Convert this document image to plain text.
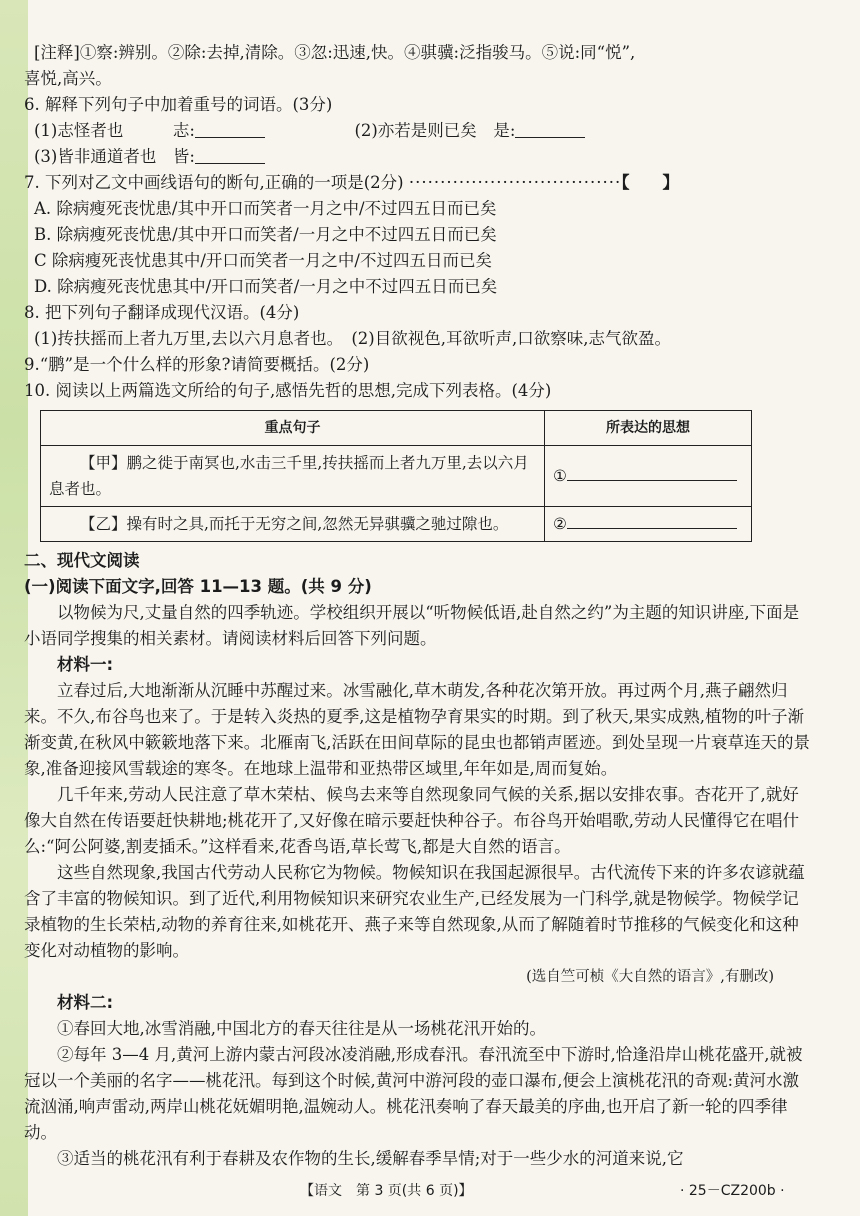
[注释]①察:辨别。②除:去掉,清除。③忽:迅速,快。④骐骥:泛指骏马。⑤说:同“悦”,

喜悦,高兴。

6. 解释下列句子中加着重号的词语。(3分)

(1)志怪者也　　　	志:

　　　	(2)亦若是则已矣　 是:

(3)皆非通道者也　 皆:

7. 下列对乙文中画线语句的断句,正确的一项是(2分) ··································【　　】

A. 除病瘦死丧忧患/其中开口而笑者一月之中/不过四五日而已矣

B. 除病瘦死丧忧患/其中开口而笑者/一月之中不过四五日而已矣

C 除病瘦死丧忧患其中/开口而笑者一月之中/不过四五日而已矣

D. 除病瘦死丧忧患其中/开口而笑者/一月之中不过四五日而已矣

8. 把下列句子翻译成现代汉语。(4分)

(1)抟扶摇而上者九万里,去以六月息者也。　 (2)目欲视色,耳欲听声,口欲察味,志气欲盈。

9.“鹏”是一个什么样的形象?请简要概括。(2分)

10. 阅读以上两篇选文所给的句子,感悟先哲的思想,完成下列表格。(4分)

重点句子	所表达的思想
【甲】鹏之徙于南冥也,水击三千里,抟扶摇而上者九万里,去以六月息者也。	①
【乙】操有时之具,而托于无穷之间,忽然无异骐骥之驰过隙也。	②

二、现代文阅读

(一)阅读下面文字,回答 11—13 题。(共 9 分)

以物候为尺,丈量自然的四季轨迹。学校组织开展以“听物候低语,赴自然之约”为主题的知识讲座,下面是小语同学搜集的相关素材。请阅读材料后回答下列问题。

材料一:

立春过后,大地渐渐从沉睡中苏醒过来。冰雪融化,草木萌发,各种花次第开放。再过两个月,燕子翩然归来。不久,布谷鸟也来了。于是转入炎热的夏季,这是植物孕育果实的时期。到了秋天,果实成熟,植物的叶子渐渐变黄,在秋风中簌簌地落下来。北雁南飞,活跃在田间草际的昆虫也都销声匿迹。到处呈现一片衰草连天的景象,准备迎接风雪载途的寒冬。在地球上温带和亚热带区域里,年年如是,周而复始。

几千年来,劳动人民注意了草木荣枯、候鸟去来等自然现象同气候的关系,据以安排农事。杏花开了,就好像大自然在传语要赶快耕地;桃花开了,又好像在暗示要赶快种谷子。布谷鸟开始唱歌,劳动人民懂得它在唱什么:“阿公阿婆,割麦插禾。”这样看来,花香鸟语,草长莺飞,都是大自然的语言。

这些自然现象,我国古代劳动人民称它为物候。物候知识在我国起源很早。古代流传下来的许多农谚就蕴含了丰富的物候知识。到了近代,利用物候知识来研究农业生产,已经发展为一门科学,就是物候学。物候学记录植物的生长荣枯,动物的养育往来,如桃花开、燕子来等自然现象,从而了解随着时节推移的气候变化和这种变化对动植物的影响。

(选自竺可桢《大自然的语言》,有删改)

材料二:

①春回大地,冰雪消融,中国北方的春天往往是从一场桃花汛开始的。

②每年 3—4 月,黄河上游内蒙古河段冰凌消融,形成春汛。春汛流至中下游时,恰逢沿岸山桃花盛开,就被冠以一个美丽的名字——桃花汛。每到这个时候,黄河中游河段的壶口瀑布,便会上演桃花汛的奇观:黄河水激流汹涌,响声雷动,两岸山桃花妩媚明艳,温婉动人。桃花汛奏响了春天最美的序曲,也开启了新一轮的四季律动。

③适当的桃花汛有利于春耕及农作物的生长,缓解春季旱情;对于一些少水的河道来说,它

【语文　第 3 页(共 6 页)】	· 25－CZ200b ·
